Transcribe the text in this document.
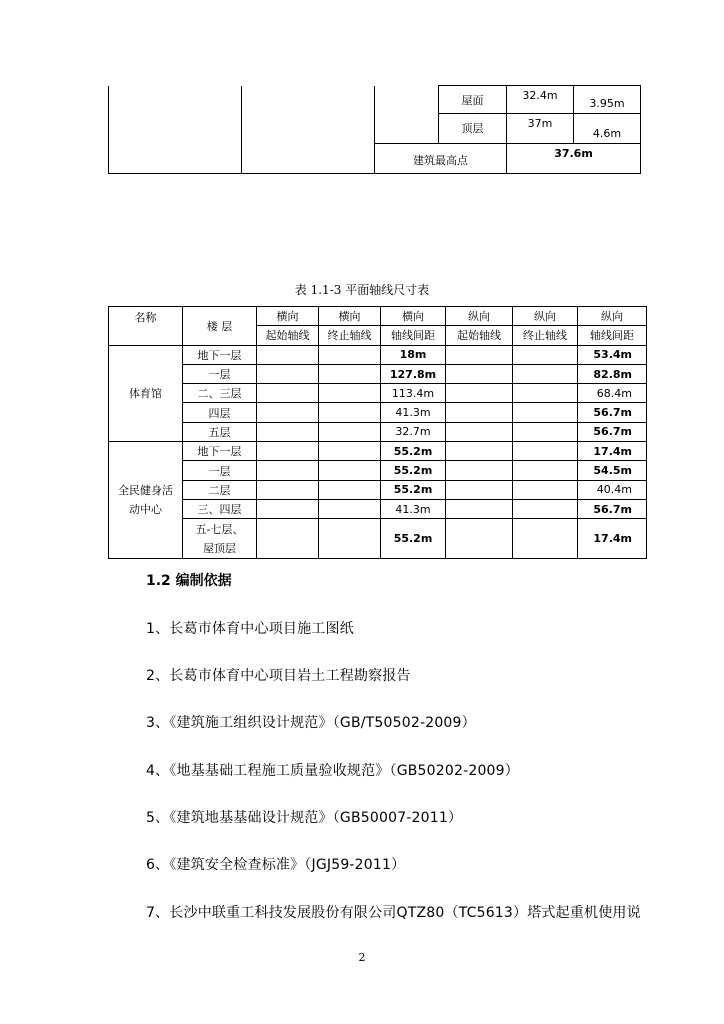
			屋面	32.4m	3.95m
			顶层	37m	4.6m
		建筑最高点		37.6m	
表 1.1-3 平面轴线尺寸表
名称	楼 层	横向	横向	横向	纵向	纵向	纵向
		起始轴线	终止轴线	轴线间距	起始轴线	终止轴线	轴线间距
体育馆	地下一层			18m			53.4m
	一层			127.8m			82.8m
	二、三层			113.4m			68.4m
	四层			41.3m			56.7m
	五层			32.7m			56.7m

全民健身活
动中心	地下一层			55.2m			17.4m
	一层			55.2m			54.5m
	二层			55.2m			40.4m
	三、四层			41.3m			56.7m

	五-七层、
屋顶层			55.2m			17.4m
1.2 编制依据
1、长葛市体育中心项目施工图纸
2、长葛市体育中心项目岩土工程勘察报告
3、《建筑施工组织设计规范》（GB/T50502-2009）
4、《地基基础工程施工质量验收规范》（GB50202-2009）
5、《建筑地基基础设计规范》（GB50007-2011）
6、《建筑安全检查标准》（JGJ59-2011）
7、长沙中联重工科技发展股份有限公司QTZ80（TC5613）塔式起重机使用说
2
